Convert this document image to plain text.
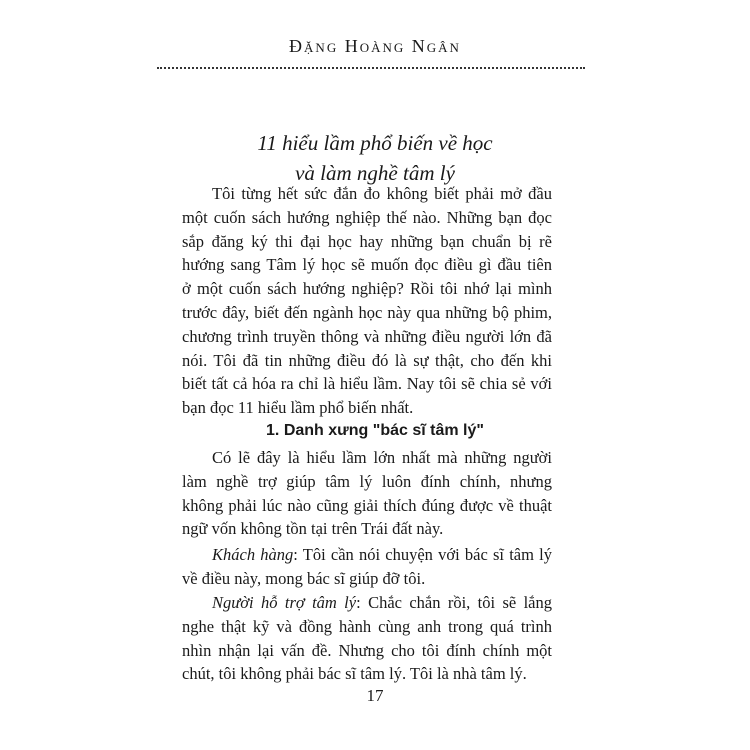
Đặng Hoàng Ngân
11 hiểu lầm phổ biến về học
và làm nghề tâm lý
Tôi từng hết sức đắn đo không biết phải mở đầu
một cuốn sách hướng nghiệp thế nào. Những bạn đọc
sắp đăng ký thi đại học hay những bạn chuẩn bị rẽ
hướng sang Tâm lý học sẽ muốn đọc điều gì đầu tiên
ở một cuốn sách hướng nghiệp? Rồi tôi nhớ lại mình
trước đây, biết đến ngành học này qua những bộ phim,
chương trình truyền thông và những điều người lớn đã
nói. Tôi đã tin những điều đó là sự thật, cho đến khi
biết tất cả hóa ra chỉ là hiểu lầm. Nay tôi sẽ chia sẻ với
bạn đọc 11 hiểu lầm phổ biến nhất.
1. Danh xưng "bác sĩ tâm lý"
Có lẽ đây là hiểu lầm lớn nhất mà những người
làm nghề trợ giúp tâm lý luôn đính chính, nhưng
không phải lúc nào cũng giải thích đúng được về thuật
ngữ vốn không tồn tại trên Trái đất này.
Khách hàng: Tôi cần nói chuyện với bác sĩ tâm lý
về điều này, mong bác sĩ giúp đỡ tôi.
Người hỗ trợ tâm lý: Chắc chắn rồi, tôi sẽ lắng
nghe thật kỹ và đồng hành cùng anh trong quá trình
nhìn nhận lại vấn đề. Nhưng cho tôi đính chính một
chút, tôi không phải bác sĩ tâm lý. Tôi là nhà tâm lý.
17
